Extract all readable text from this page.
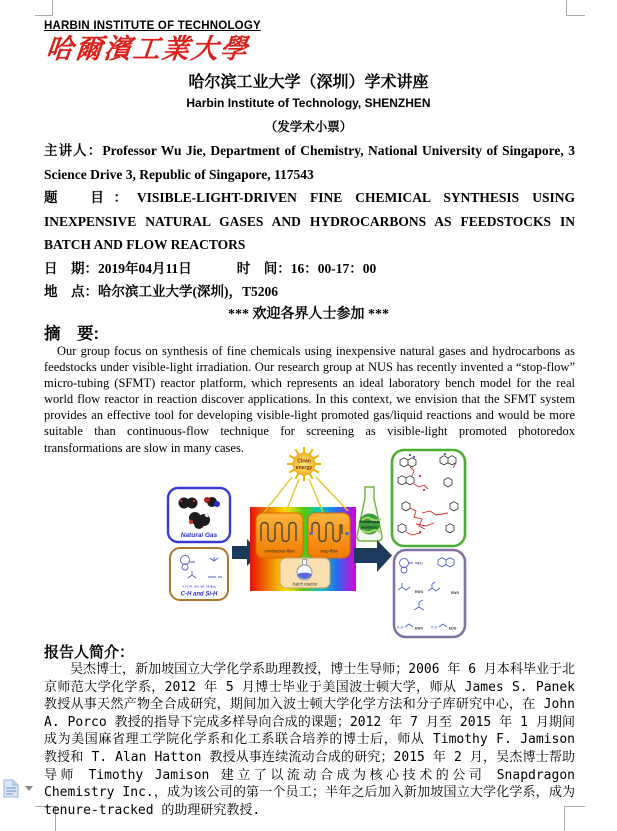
HARBIN INSTITUTE OF TECHNOLOGY
哈爾濱工業大學
哈尔滨工业大学（深圳）学术讲座
Harbin Institute of Technology, SHENZHEN
（发学术小票）

主讲人：Professor Wu Jie, Department of Chemistry, National University of Singapore, 3 Science Drive 3, Republic of Singapore, 117543

题　目：VISIBLE-LIGHT-DRIVEN FINE CHEMICAL SYNTHESIS USING INEXPENSIVE NATURAL GASES AND HYDROCARBONS AS FEEDSTOCKS IN BATCH AND FLOW REACTORS

日　期：2019年04月11日	时　间：16：00-17：00

地　点：哈尔滨工业大学(深圳)，T5206

*** 欢迎各界人士参加 ***
摘　要:
Our group focus on synthesis of fine chemicals using inexpensive natural gases and hydrocarbons as feedstocks under visible-light irradiation. Our research group at NUS has recently invented a “stop-flow” micro-tubing (SFMT) reactor platform, which represents an ideal laboratory bench model for the real world flow reactor in reaction discover applications. In this context, we envision that the SFMT system provides an effective tool for developing visible-light promoted gas/liquid reactions and would be more suitable than continuous-flow technique for screening as visible-light promoted photoredox transformations are slow in many cases.
Natural Gas
X = OR, OH, SR, NHBoc
C-H and Si-H
Clean
energy
continuous-flow	stop-flow
batch reactor
Sustainable
synthesis
CN
EWG	EWG
R₂N	EWG R₂N	EDG
报告人简介：
吴杰博士，新加坡国立大学化学系助理教授，博士生导师；2006 年 6 月本科毕业于北京师范大学化学系，2012 年 5 月博士毕业于美国波士顿大学，师从 James S. Panek 教授从事天然产物全合成研究，期间加入波士顿大学化学方法和分子库研究中心，在 John A. Porco 教授的指导下完成多样导向合成的课题；2012 年 7 月至 2015 年 1 月期间成为美国麻省理工学院化学系和化工系联合培养的博士后，师从 Timothy F. Jamison 教授和 T. Alan Hatton 教授从事连续流动合成的研究；2015 年 2 月，吴杰博士帮助导师 Timothy Jamison 建立了以流动合成为核心技术的公司 Snapdragon Chemistry Inc.，成为该公司的第一个员工；半年之后加入新加坡国立大学化学系，成为 tenure-tracked 的助理研究教授.
